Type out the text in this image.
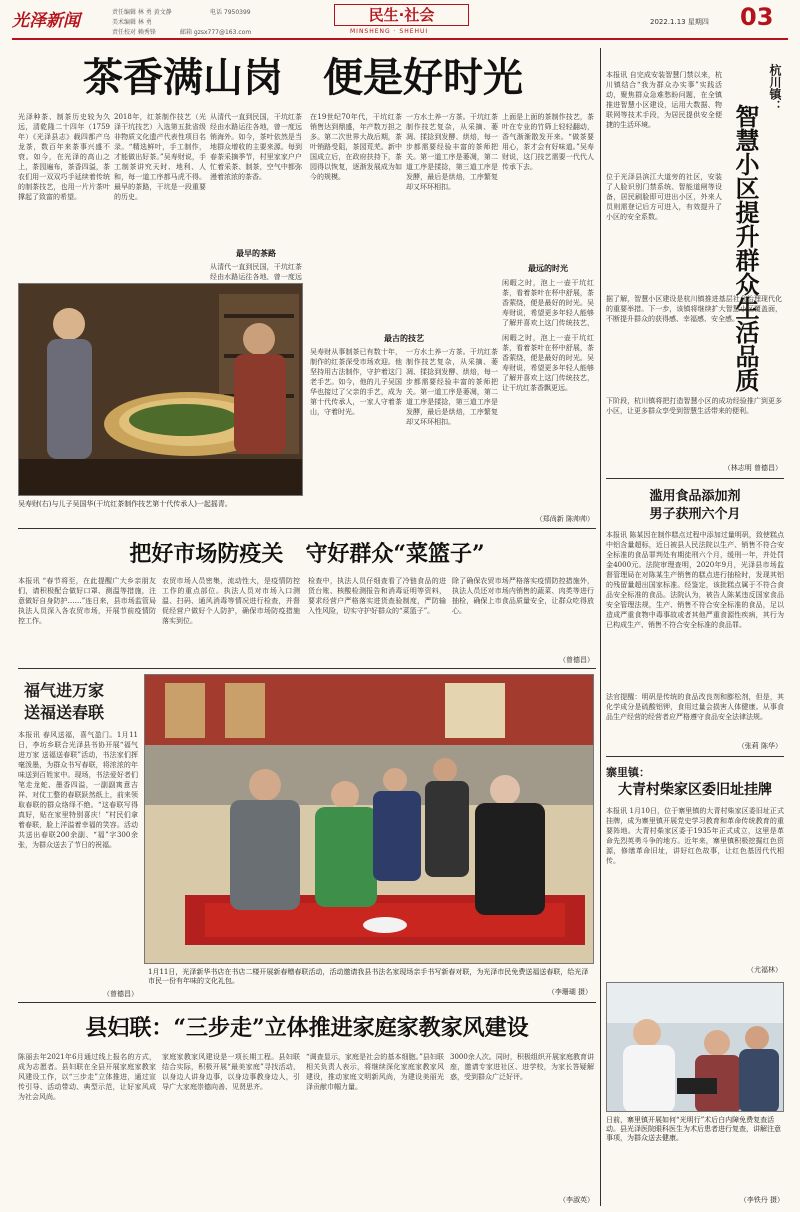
光泽新闻	责任编辑 林 勇 黄文静	电话 7950399
美术编辑 林 勇
责任校对 赖秀锋	邮箱 gzsx777@163.com
民生·社会
MINSHENG · SHEHUI
2022.1.13 星期四 03
茶香满山岗　便是好时光
光泽种茶、制茶历史较为久远，清乾隆二十四年（1759年）《光泽县志》载四都产乌龙茶，数百年来茶事兴盛不衰。如今，在光泽的高山之上，茶园遍布，茶香四溢，茶农们用一双双巧手延续着传统的制茶技艺，也用一片片茶叶撑起了致富的希望。
2018年，红茶制作技艺（光泽干坑技艺）入选第五批省级非物质文化遗产代表性项目名录。“精选鲜叶，手工制作，才能做出好茶。”吴寿财说，手工制茶讲究天时、地利、人和，每一道工序都马虎不得。最早的茶路，干坑是一段重要的历史。
从清代一直到民国，干坑红茶经由水路运往各地，曾一度远销海外。如今，茶叶依然是当地群众增收的主要来源。每到春茶采摘季节，村里家家户户忙着采茶、制茶，空气中都弥漫着浓浓的茶香。
最早的茶路
从清代一直到民国，干坑红茶经由水路运往各地，曾一度远
吴寿财(右)与儿子吴国华(干坑红茶制作技艺第十代传承人)一起摇青。
在19世纪70年代，干坑红茶销售达到鼎盛，年产数万担之多。第二次世界大战后期，茶叶销路受阻，茶园荒芜。新中国成立后，在政府扶持下，茶园得以恢复，逐渐发展成为如今的规模。
一方水土养一方茶。干坑红茶制作技艺复杂，从采摘、萎凋、揉捻到发酵、烘焙，每一步都需要经验丰富的茶师把关。第一道工序是萎凋，第二道工序是揉捻，第三道工序是发酵，最后是烘焙，工序繁复却又环环相扣。
上面是上面的茶制作技艺，茶叶在专业的竹筛上轻轻翻动，香气渐渐散发开来。“做茶要用心，茶才会有好味道。”吴寿财说，这门技艺需要一代代人传承下去。
最远的时光
闲暇之时，泡上一壶干坑红茶，看着茶叶在杯中舒展，茶香萦绕，便是最好的时光。吴寿财说，希望更多年轻人能够了解并喜欢上这门传统技艺，
最古的技艺
吴寿财从事制茶已有数十年，制作的红茶深受市场欢迎。他坚持用古法制作，守护着这门老手艺。如今，他的儿子吴国华也接过了父亲的手艺，成为第十代传承人，一家人守着茶山，守着时光。
一方水土养一方茶。干坑红茶制作技艺复杂，从采摘、萎凋、揉捻到发酵、烘焙，每一步都需要经验丰富的茶师把关。第一道工序是萎凋，第二道工序是揉捻，第三道工序是发酵，最后是烘焙，工序繁复却又环环相扣。
闲暇之时，泡上一壶干坑红茶，看着茶叶在杯中舒展，茶香萦绕，便是最好的时光。吴寿财说，希望更多年轻人能够了解并喜欢上这门传统技艺，让干坑红茶香飘更远。
（郑尚新 陈帅帅）
把好市场防疫关　守好群众“菜篮子”
本报讯 “春节将至，在此提醒广大乡亲朋友们，请积极配合做好口罩、测温等措施，注意做好自身防护……”连日来，县市场监管局执法人员深入各农贸市场，开展节前疫情防控工作。
农贸市场人员密集，流动性大，是疫情防控工作的重点部位。执法人员对市场入口测温、扫码、通风消毒等情况进行检查，并督促经营户做好个人防护，确保市场防疫措施落实到位。
检查中，执法人员仔细查看了冷链食品的进货台账、核酸检测报告和消毒证明等资料，要求经营户严格落实进货查验制度，严防输入性风险，切实守护好群众的“菜篮子”。
除了确保农贸市场严格落实疫情防控措施外，执法人员还对市场内销售的蔬菜、肉类等进行抽检，确保上市食品质量安全，让群众吃得放心。
（曾德昌）
福气进万家
送福送春联
本报讯 春风送福，喜气盈门。1月11日，李坊乡联合光泽县书协开展“福气进万家 送福送春联”活动，书法家们挥毫泼墨，为群众书写春联，将浓浓的年味送到百姓家中。现场，书法爱好者们笔走龙蛇、墨香四溢，一副副寓意吉祥、对仗工整的春联跃然纸上，前来领取春联的群众络绎不绝。“这春联写得真好，贴在家里特别喜庆！”村民们拿着春联，脸上洋溢着幸福的笑容。活动共送出春联200余副、“福”字300余张，为群众送去了节日的祝福。
（曾德昌）
1月11日，光泽新华书店在书店二楼开展新春赠春联活动，活动邀请我县书法名家现场亲手书写新春对联，为光泽市民免费送福送春联，给光泽市民一份有年味的文化礼包。
（李珊瑚 摄）
县妇联：“三步走”立体推进家庭家教家风建设
陈丽去年2021年6月通过线上报名的方式，成为志愿者。县妇联在全县开展家庭家教家风建设工作，以“三步走”立体推进，通过宣传引导、活动带动、典型示范，让好家风成为社会风尚。
家庭家教家风建设是一项长期工程。县妇联结合实际，积极开展“最美家庭”寻找活动，以身边人讲身边事，以身边事教身边人，引导广大家庭崇德向善、见贤思齐。
“调查显示，家庭是社会的基本细胞。”县妇联相关负责人表示，将继续深化家庭家教家风建设，推动家庭文明新风尚，为建设美丽光泽贡献巾帼力量。
3000余人次。同时，积极组织开展家庭教育讲座，邀请专家进社区、进学校，为家长答疑解惑，受到群众广泛好评。
（李淑英）
杭川镇：
智慧小区提升群众生活品质
本报讯 自完成安装智慧门禁以来，杭川镇结合“我为群众办实事”实践活动，聚焦群众急难愁盼问题，在全镇推进智慧小区建设，运用大数据、物联网等技术手段，为居民提供安全便捷的生活环境。
位于光泽县滨江大道旁的社区，安装了人脸识别门禁系统、智能道闸等设备，居民刷脸即可进出小区，外来人员则需登记后方可进入，有效提升了小区的安全系数。
据了解，智慧小区建设是杭川镇推进基层社会治理现代化的重要举措。下一步，该镇将继续扩大智慧小区覆盖面，不断提升群众的获得感、幸福感、安全感。
下阶段，杭川镇将把打造智慧小区的成功经验推广到更多小区，让更多群众享受到智慧生活带来的便利。
（林志明 曾德昌）
滥用食品添加剂
男子获刑六个月
本报讯 陈某因在制作糕点过程中添加过量明矾，致使糕点中铝含量超标，近日被县人民法院以生产、销售不符合安全标准的食品罪判处有期徒刑六个月，缓刑一年，并处罚金4000元。法院审理查明，2020年9月，光泽县市场监督管理局在对陈某生产销售的糕点进行抽检时，发现其铝的残留量超出国家标准。经鉴定，该批糕点属于不符合食品安全标准的食品。法院认为，被告人陈某违反国家食品安全管理法规，生产、销售不符合安全标准的食品，足以造成严重食物中毒事故或者其他严重食源性疾病，其行为已构成生产、销售不符合安全标准的食品罪。
法官提醒：明矾是传统的食品改良剂和膨松剂，但是，其化学成分是硫酸铝钾，食用过量会损害人体健康。从事食品生产经营的经营者应严格遵守食品安全法律法规。
（张莉 陈华）
寨里镇：
大青村柴家区委旧址挂牌
本报讯 1月10日，位于寨里镇的大青村柴家区委旧址正式挂牌，成为寨里镇开展党史学习教育和革命传统教育的重要阵地。大青村柴家区委于1935年正式成立，这里是革命先烈英勇斗争的地方。近年来，寨里镇积极挖掘红色资源，修缮革命旧址，讲好红色故事，让红色基因代代相传。
（尤福林）
日前，寨里镇开展如何“光明行”术后白内障免费复查活动。县光泽医院眼科医生为术后患者进行复查，讲解注意事项，为群众送去健康。
（李铁丹 摄）
